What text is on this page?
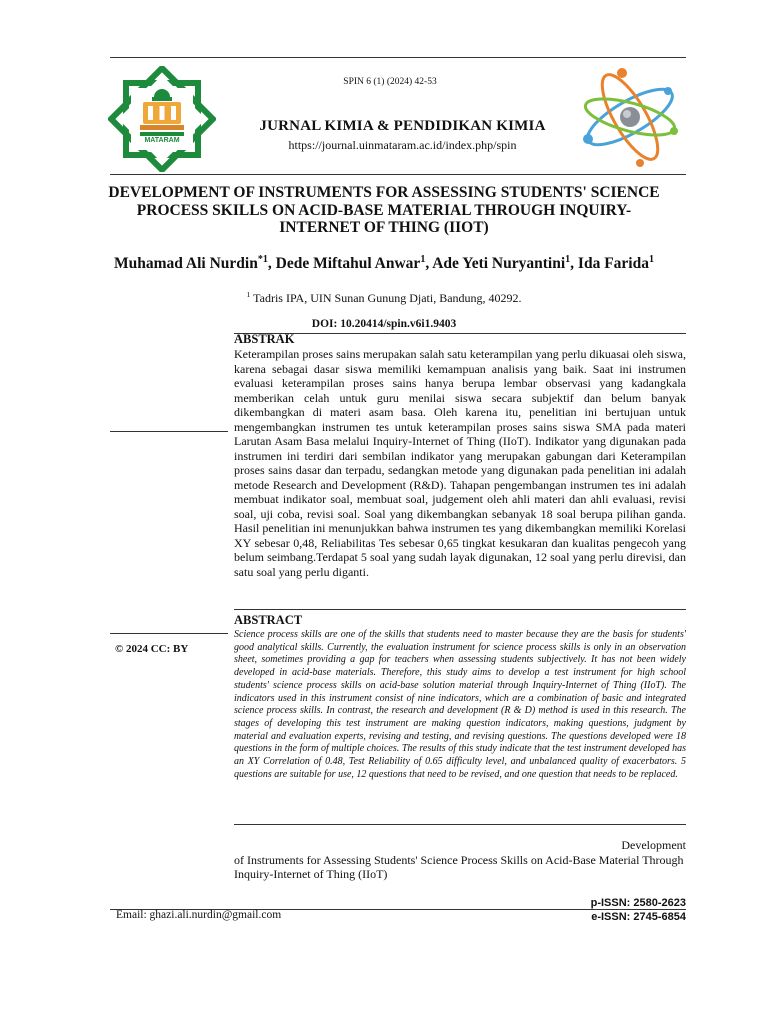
MATARAM
SPIN 6 (1) (2024) 42-53
JURNAL KIMIA & PENDIDIKAN KIMIA
https://journal.uinmataram.ac.id/index.php/spin
DEVELOPMENT OF INSTRUMENTS FOR ASSESSING STUDENTS' SCIENCE PROCESS SKILLS ON ACID-BASE MATERIAL THROUGH INQUIRY-INTERNET OF THING (IIOT)
Muhamad Ali Nurdin$^{*1}$, Dede Miftahul Anwar$^1$, Ade Yeti Nuryantini$^1$, Ida Farida$^1$
$^1$ Tadris IPA, UIN Sunan Gunung Djati, Bandung, 40292.
DOI: 10.20414/spin.v6i1.9403
ABSTRAK
Keterampilan proses sains merupakan salah satu keterampilan yang perlu dikuasai oleh siswa, karena sebagai dasar siswa memiliki kemampuan analisis yang baik. Saat ini instrumen evaluasi keterampilan proses sains hanya berupa lembar observasi yang kadangkala memberikan celah untuk guru menilai siswa secara subjektif dan belum banyak dikembangkan di materi asam basa. Oleh karena itu, penelitian ini bertujuan untuk mengembangkan instrumen tes untuk keterampilan proses sains siswa SMA pada materi Larutan Asam Basa melalui Inquiry-Internet of Thing (IIoT). Indikator yang digunakan pada instrumen ini terdiri dari sembilan indikator yang merupakan gabungan dari Keterampilan proses sains dasar dan terpadu, sedangkan metode yang digunakan pada penelitian ini adalah metode Research and Development (R&D). Tahapan pengembangan instrumen tes ini adalah membuat indikator soal, membuat soal, judgement oleh ahli materi dan ahli evaluasi, revisi soal, uji coba, revisi soal. Soal yang dikembangkan sebanyak 18 soal berupa pilihan ganda. Hasil penelitian ini menunjukkan bahwa instrumen tes yang dikembangkan memiliki Korelasi XY sebesar 0,48, Reliabilitas Tes sebesar 0,65 tingkat kesukaran dan kualitas pengecoh yang belum seimbang.Terdapat 5 soal yang sudah layak digunakan, 12 soal yang perlu direvisi, dan satu soal yang perlu diganti.
ABSTRACT
Science process skills are one of the skills that students need to master because they are the basis for students' good analytical skills. Currently, the evaluation instrument for science process skills is only in an observation sheet, sometimes providing a gap for teachers when assessing students subjectively. It has not been widely developed in acid-base materials. Therefore, this study aims to develop a test instrument for high school students' science process skills on acid-base solution material through Inquiry-Internet of Thing (IIoT). The indicators used in this instrument consist of nine indicators, which are a combination of basic and integrated science process skills. In contrast, the research and development (R & D) method is used in this research. The stages of developing this test instrument are making question indicators, making questions, judgment by material and evaluation experts, revising and testing, and revising questions. The questions developed were 18 questions in the form of multiple choices. The results of this study indicate that the test instrument developed has an XY Correlation of 0.48, Test Reliability of 0.65 difficulty level, and unbalanced quality of exacerbators. 5 questions are suitable for use, 12 questions that need to be revised, and one question that needs to be replaced.
© 2024 CC: BY
Development
of Instruments for Assessing Students' Science Process Skills on Acid-Base Material Through Inquiry-Internet of Thing (IIoT)
p-ISSN: 2580-2623
Email: ghazi.ali.nurdin@gmail.com	e-ISSN: 2745-6854
